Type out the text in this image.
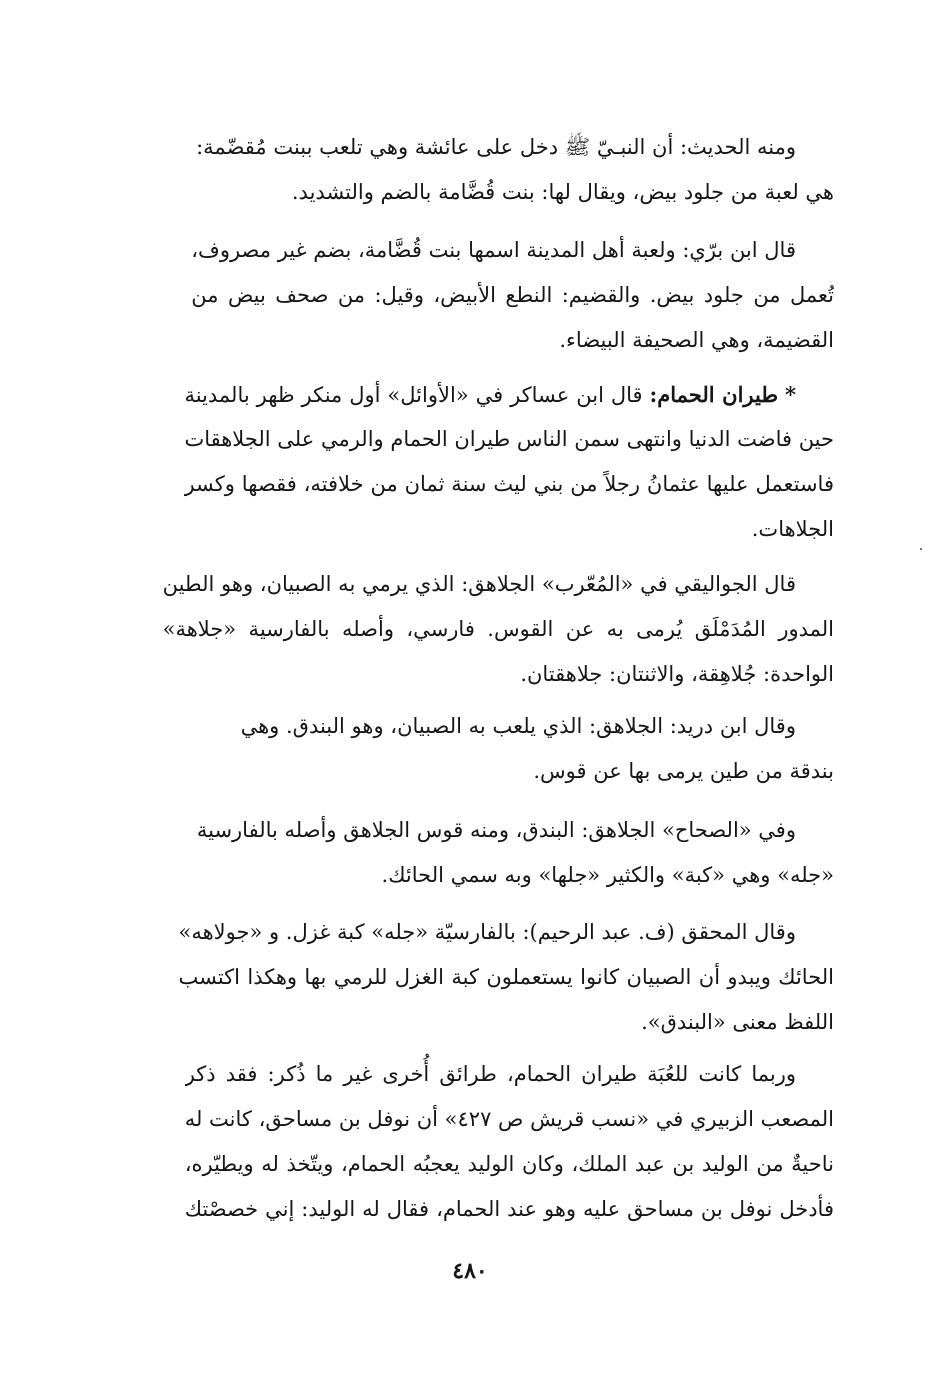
ومنه الحديث: أن النبـيّ ﷺ دخل على عائشة وهي تلعب ببنت مُقضّمة:
هي لعبة من جلود بيض، ويقال لها: بنت قُضَّامة بالضم والتشديد.

قال ابن برّي: ولعبة أهل المدينة اسمها بنت قُضَّامة، بضم غير مصروف،
تُعمل من جلود بيض. والقضيم: النطع الأبيض، وقيل: من صحف بيض من
القضيمة، وهي الصحيفة البيضاء.

* طيران الحمام: قال ابن عساكر في «الأوائل» أول منكر ظهر بالمدينة
حين فاضت الدنيا وانتهى سمن الناس طيران الحمام والرمي على الجلاهقات
فاستعمل عليها عثمانُ رجلاً من بني ليث سنة ثمان من خلافته، فقصها وكسر
الجلاهات.

قال الجواليقي في «المُعّرب» الجلاهق: الذي يرمي به الصبيان، وهو الطين
المدور المُدَمْلَق يُرمى به عن القوس. فارسي، وأصله بالفارسية «جلاهة»
الواحدة: جُلاهِقة، والاثنتان: جلاهقتان.

وقال ابن دريد: الجلاهق: الذي يلعب به الصبيان، وهو البندق. وهي
بندقة من طين يرمى بها عن قوس.

وفي «الصحاح» الجلاهق: البندق، ومنه قوس الجلاهق وأصله بالفارسية
«جله» وهي «كبة» والكثير «جلها» وبه سمي الحائك.

وقال المحقق (ف. عبد الرحيم): بالفارسيّة «جله» كبة غزل. و «جولاهه»
الحائك ويبدو أن الصبيان كانوا يستعملون كبة الغزل للرمي بها وهكذا اكتسب
اللفظ معنى «البندق».

وربما كانت للعُبَة طيران الحمام، طرائق أُخرى غير ما ذُكر: فقد ذكر
المصعب الزبيري في «نسب قريش ص ٤٢٧» أن نوفل بن مساحق، كانت له
ناحيةٌ من الوليد بن عبد الملك، وكان الوليد يعجبُه الحمام، ويتّخذ له ويطيّره،
فأدخل نوفل بن مساحق عليه وهو عند الحمام، فقال له الوليد: إني خصصْتك

٤٨٠
